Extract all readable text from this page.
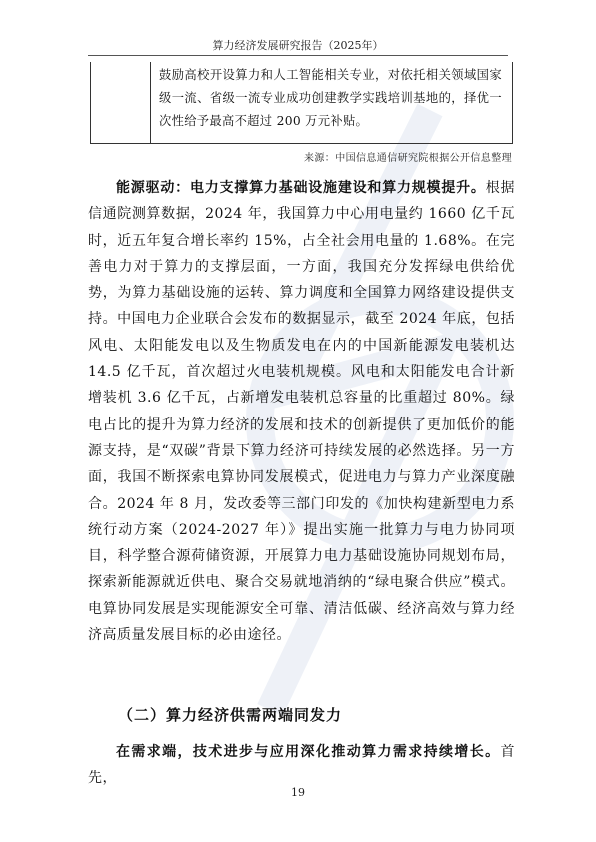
算力经济发展研究报告（2025年）
鼓励高校开设算力和人工智能相关专业，对依托相关领域国家级一流、省级一流专业成功创建教学实践培训基地的，择优一次性给予最高不超过 200 万元补贴。
来源：中国信息通信研究院根据公开信息整理

能源驱动：电力支撑算力基础设施建设和算力规模提升。根据信通院测算数据，2024 年，我国算力中心用电量约 1660 亿千瓦时，近五年复合增长率约 15%，占全社会用电量的 1.68%。在完善电力对于算力的支撑层面，一方面，我国充分发挥绿电供给优势，为算力基础设施的运转、算力调度和全国算力网络建设提供支持。中国电力企业联合会发布的数据显示，截至 2024 年底，包括风电、太阳能发电以及生物质发电在内的中国新能源发电装机达 14.5 亿千瓦，首次超过火电装机规模。风电和太阳能发电合计新增装机 3.6 亿千瓦，占新增发电装机总容量的比重超过 80%。绿电占比的提升为算力经济的发展和技术的创新提供了更加低价的能源支持，是“双碳”背景下算力经济可持续发展的必然选择。另一方面，我国不断探索电算协同发展模式，促进电力与算力产业深度融合。2024 年 8 月，发改委等三部门印发的《加快构建新型电力系统行动方案（2024-2027 年）》提出实施一批算力与电力协同项目，科学整合源荷储资源，开展算力电力基础设施协同规划布局，探索新能源就近供电、聚合交易就地消纳的“绿电聚合供应”模式。电算协同发展是实现能源安全可靠、清洁低碳、经济高效与算力经济高质量发展目标的必由途径。

（二）算力经济供需两端同发力

在需求端，技术进步与应用深化推动算力需求持续增长。首先，

19
